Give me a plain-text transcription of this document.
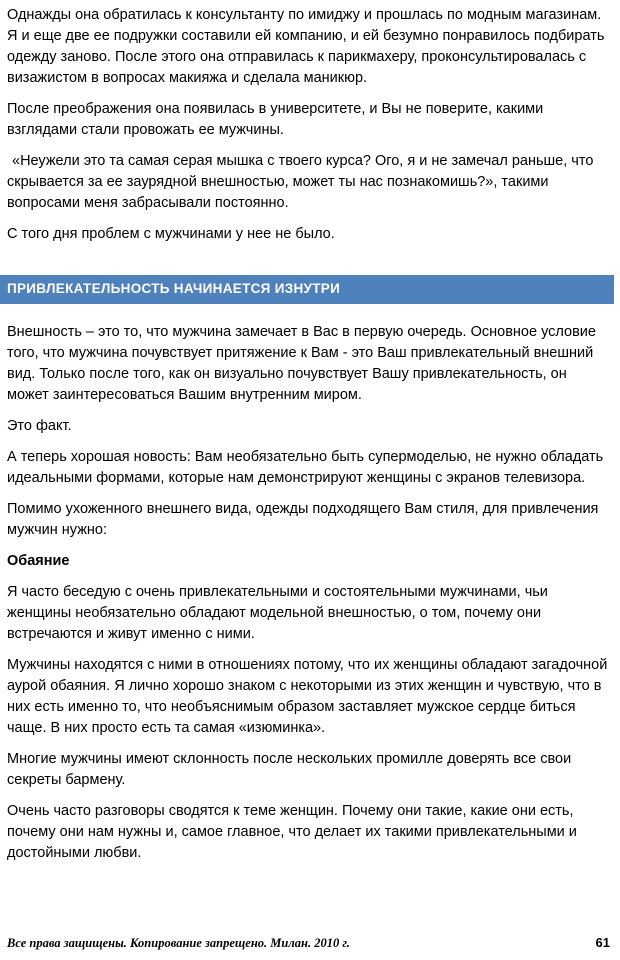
Однажды она обратилась к консультанту по имиджу и прошлась по модным магазинам. Я и еще две ее подружки составили ей компанию, и ей безумно понравилось подбирать одежду заново. После этого она отправилась к парикмахеру, проконсультировалась с визажистом в вопросах макияжа и сделала маникюр.

После преображения она появилась в университете, и Вы не поверите, какими взглядами стали провожать ее мужчины.

«Неужели это та самая серая мышка с твоего курса? Ого, я и не замечал раньше, что скрывается за ее заурядной внешностью, может ты нас познакомишь?», такими вопросами меня забрасывали постоянно.

С того дня проблем с мужчинами у нее не было.

ПРИВЛЕКАТЕЛЬНОСТЬ НАЧИНАЕТСЯ ИЗНУТРИ

Внешность – это то, что мужчина замечает в Вас в первую очередь. Основное условие того, что мужчина почувствует притяжение к Вам - это Ваш привлекательный внешний вид. Только после того, как он визуально почувствует Вашу привлекательность, он может заинтересоваться Вашим внутренним миром.

Это факт.

А теперь хорошая новость: Вам необязательно быть супермоделью, не нужно обладать идеальными формами, которые нам демонстрируют женщины с экранов телевизора.

Помимо ухоженного внешнего вида, одежды подходящего Вам стиля, для привлечения мужчин нужно:

Обаяние

Я часто беседую с очень привлекательными и состоятельными мужчинами, чьи женщины необязательно обладают модельной внешностью, о том, почему они встречаются и живут именно с ними.

Мужчины находятся с ними в отношениях потому, что их женщины обладают загадочной аурой обаяния. Я лично хорошо знаком с некоторыми из этих женщин и чувствую, что в них есть именно то, что необъяснимым образом заставляет мужское сердце биться чаще. В них просто есть та самая «изюминка».

Многие мужчины имеют склонность после нескольких промилле доверять все свои секреты бармену.

Очень часто разговоры сводятся к теме женщин. Почему они такие, какие они есть, почему они нам нужны и, самое главное, что делает их такими привлекательными и достойными любви.

Все права защищены. Копирование запрещено. Милан. 2010 г.	61
